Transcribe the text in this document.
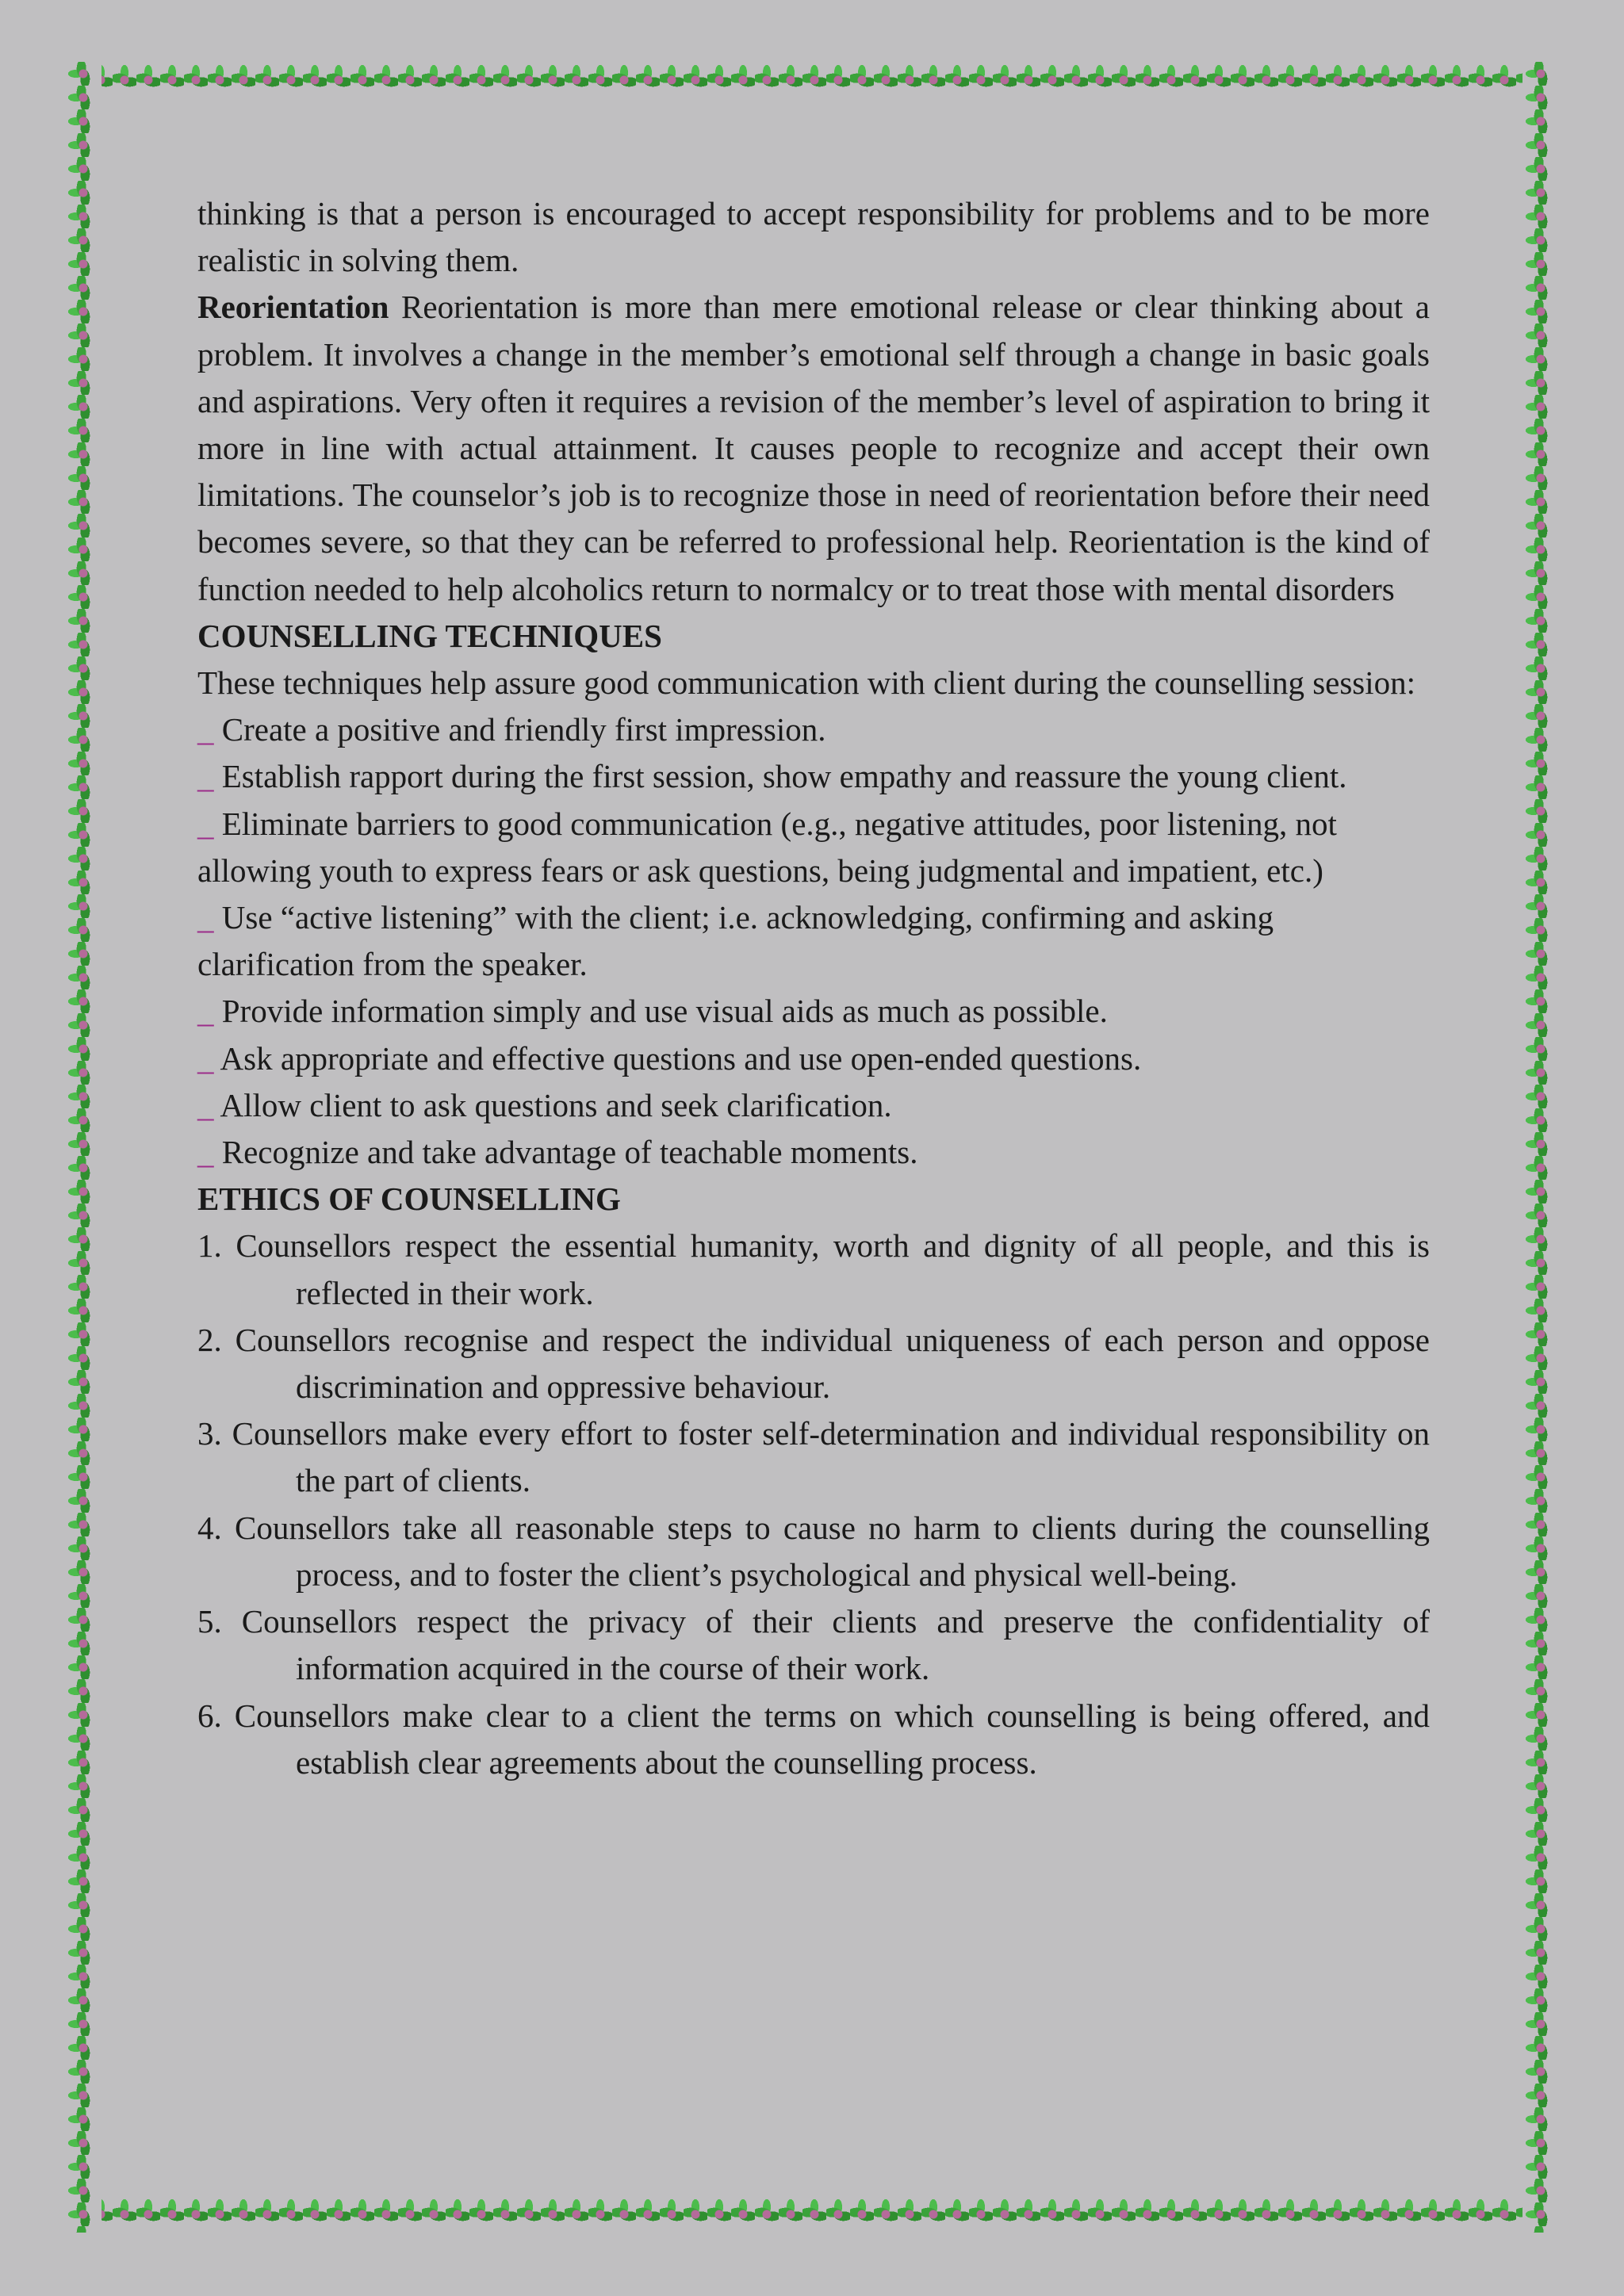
thinking is that a person is encouraged to accept responsibility for problems and to be more realistic in solving them.

Reorientation Reorientation is more than mere emotional release or clear thinking about a problem. It involves a change in the member’s emotional self through a change in basic goals and aspirations. Very often it requires a revision of the member’s level of aspiration to bring it more in line with actual attainment. It causes people to recognize and accept their own limitations. The counselor’s job is to recognize those in need of reorientation before their need becomes severe, so that they can be referred to professional help. Reorientation is the kind of function needed to help alcoholics return to normalcy or to treat those with mental disorders

COUNSELLING TECHNIQUES

These techniques help assure good communication with client during the counselling session:

_ Create a positive and friendly first impression.

_ Establish rapport during the first session, show empathy and reassure the young client.

_ Eliminate barriers to good communication (e.g., negative attitudes, poor listening, not allowing youth to express fears or ask questions, being judgmental and impatient, etc.)

_ Use “active listening” with the client; i.e. acknowledging, confirming and asking clarification from the speaker.

_ Provide information simply and use visual aids as much as possible.

_ Ask appropriate and effective questions and use open-ended questions.

_ Allow client to ask questions and seek clarification.

_ Recognize and take advantage of teachable moments.

ETHICS OF COUNSELLING

1. Counsellors respect the essential humanity, worth and dignity of all people, and this is reflected in their work.

2. Counsellors recognise and respect the individual uniqueness of each person and oppose discrimination and oppressive behaviour.

3. Counsellors make every effort to foster self-determination and individual responsibility on the part of clients.

4. Counsellors take all reasonable steps to cause no harm to clients during the counselling process, and to foster the client’s psychological and physical well-being.

5. Counsellors respect the privacy of their clients and preserve the confidentiality of information acquired in the course of their work.

6. Counsellors make clear to a client the terms on which counselling is being offered, and establish clear agreements about the counselling process.
